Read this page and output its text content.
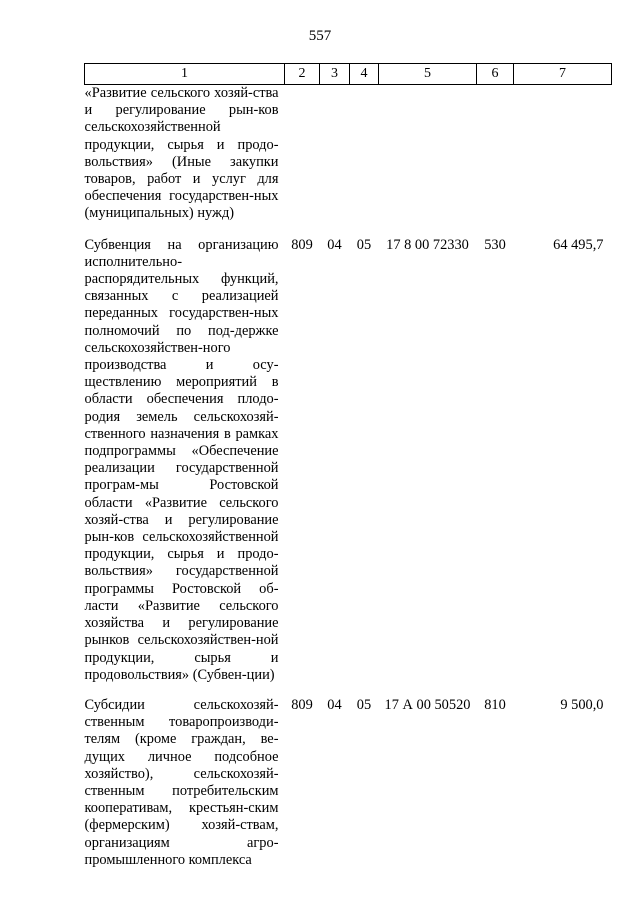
557
1	2	3	4	5	6	7
«Развитие сельского хозяй-ства и регулирование рын-ков сельскохозяйственной продукции, сырья и продо-вольствия» (Иные закупки товаров, работ и услуг для обеспечения государствен-ных (муниципальных) нужд)						
Субвенция на организацию исполнительно-распорядительных функций, связанных с реализацией переданных государствен-ных полномочий по под-держке сельскохозяйствен-ного производства и осу-ществлению мероприятий в области обеспечения плодо-родия земель сельскохозяй-ственного назначения в рамках подпрограммы «Обеспечение реализации государственной програм-мы Ростовской области «Развитие сельского хозяй-ства и регулирование рын-ков сельскохозяйственной продукции, сырья и продо-вольствия» государственной программы Ростовской об-ласти «Развитие сельского хозяйства и регулирование рынков сельскохозяйствен-ной продукции, сырья и продовольствия» (Субвен-ции)	809	04	05	17 8 00 72330	530	64 495,7
Субсидии сельскохозяй-ственным товаропроизводи-телям (кроме граждан, ве-дущих личное подсобное хозяйство), сельскохозяй-ственным потребительским кооперативам, крестьян-ским (фермерским) хозяй-ствам, организациям агро-промышленного комплекса	809	04	05	17 А 00 50520	810	9 500,0
